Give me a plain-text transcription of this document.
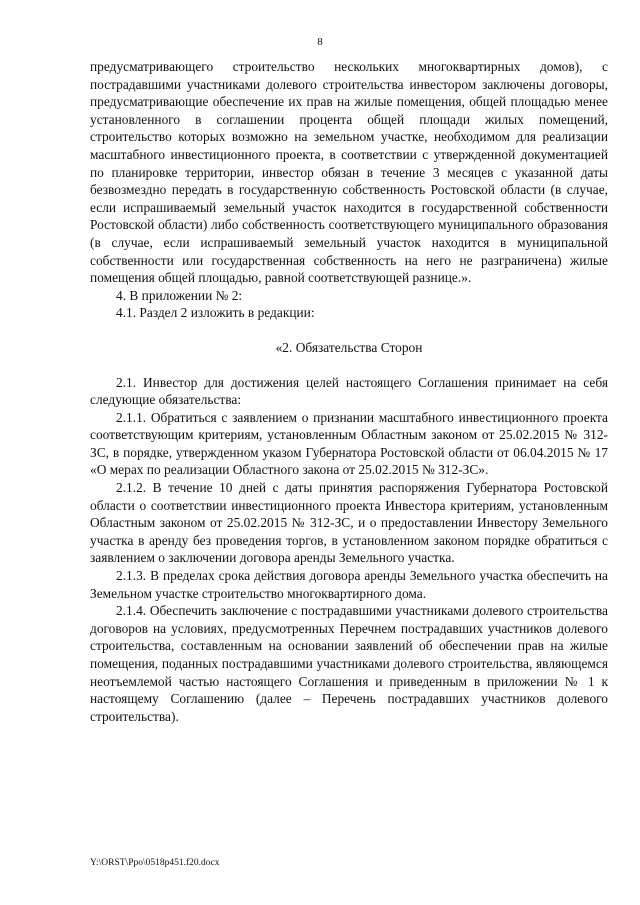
8

предусматривающего строительство нескольких многоквартирных домов), с пострадавшими участниками долевого строительства инвестором заключены договоры, предусматривающие обеспечение их прав на жилые помещения, общей площадью менее установленного в соглашении процента общей площади жилых помещений, строительство которых возможно на земельном участке, необходимом для реализации масштабного инвестиционного проекта, в соответствии с утвержденной документацией по планировке территории, инвестор обязан в течение 3 месяцев с указанной даты безвозмездно передать в государственную собственность Ростовской области (в случае, если испрашиваемый земельный участок находится в государственной собственности Ростовской области) либо собственность соответствующего муниципального образования (в случае, если испрашиваемый земельный участок находится в муниципальной собственности или государственная собственность на него не разграничена) жилые помещения общей площадью, равной соответствующей разнице.».

4. В приложении № 2:

4.1. Раздел 2 изложить в редакции:

«2. Обязательства Сторон

2.1. Инвестор для достижения целей настоящего Соглашения принимает на себя следующие обязательства:

2.1.1. Обратиться с заявлением о признании масштабного инвестиционного проекта соответствующим критериям, установленным Областным законом от 25.02.2015 № 312-ЗС, в порядке, утвержденном указом Губернатора Ростовской области от 06.04.2015 № 17 «О мерах по реализации Областного закона от 25.02.2015 № 312-ЗС».

2.1.2. В течение 10 дней с даты принятия распоряжения Губернатора Ростовской области о соответствии инвестиционного проекта Инвестора критериям, установленным Областным законом от 25.02.2015 № 312-ЗС, и о предоставлении Инвестору Земельного участка в аренду без проведения торгов, в установленном законом порядке обратиться с заявлением о заключении договора аренды Земельного участка.

2.1.3. В пределах срока действия договора аренды Земельного участка обеспечить на Земельном участке строительство многоквартирного дома.

2.1.4. Обеспечить заключение с пострадавшими участниками долевого строительства договоров на условиях, предусмотренных Перечнем пострадавших участников долевого строительства, составленным на основании заявлений об обеспечении прав на жилые помещения, поданных пострадавшими участниками долевого строительства, являющемся неотъемлемой частью настоящего Соглашения и приведенным в приложении № 1 к настоящему Соглашению (далее – Перечень пострадавших участников долевого строительства).

Y:\ORST\Ppo\0518p451.f20.docx
